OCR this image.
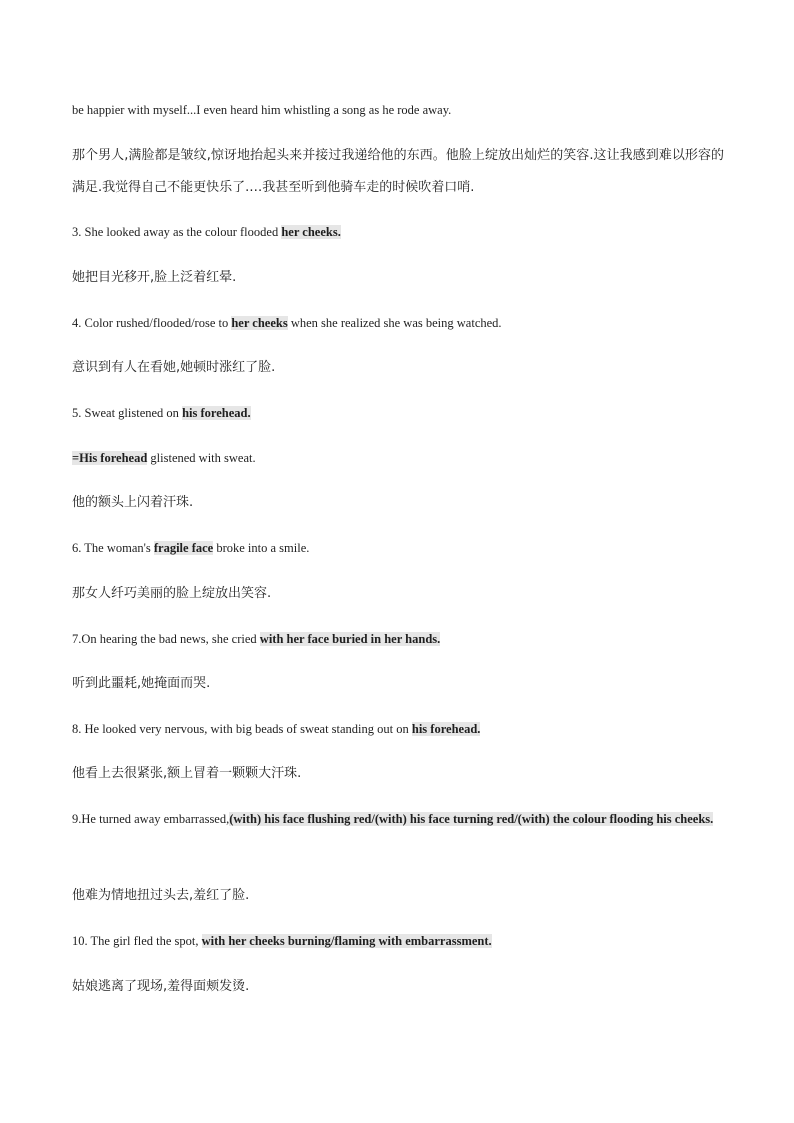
be happier with myself...I even heard him whistling a song as he rode away.

那个男人,满脸都是皱纹,惊讶地抬起头来并接过我递给他的东西。他脸上绽放出灿烂的笑容.这让我感到难以形容的满足.我觉得自己不能更快乐了.…我甚至听到他骑车走的时候吹着口哨.

3. She looked away as the colour flooded her cheeks.

她把目光移开,脸上泛着红晕.

4. Color rushed/flooded/rose to her cheeks when she realized she was being watched.

意识到有人在看她,她顿时涨红了脸.

5. Sweat glistened on his forehead.

=His forehead glistened with sweat.

他的额头上闪着汗珠.

6. The woman's fragile face broke into a smile.

那女人纤巧美丽的脸上绽放出笑容.

7.On hearing the bad news, she cried with her face buried in her hands.

听到此噩耗,她掩面而哭.

8. He looked very nervous, with big beads of sweat standing out on his forehead.

他看上去很紧张,额上冒着一颗颗大汗珠.

9.He turned away embarrassed,(with) his face flushing red/(with) his face turning red/(with) the colour flooding his cheeks.

他难为情地扭过头去,羞红了脸.

10. The girl fled the spot, with her cheeks burning/flaming with embarrassment.

姑娘逃离了现场,羞得面颊发烫.
